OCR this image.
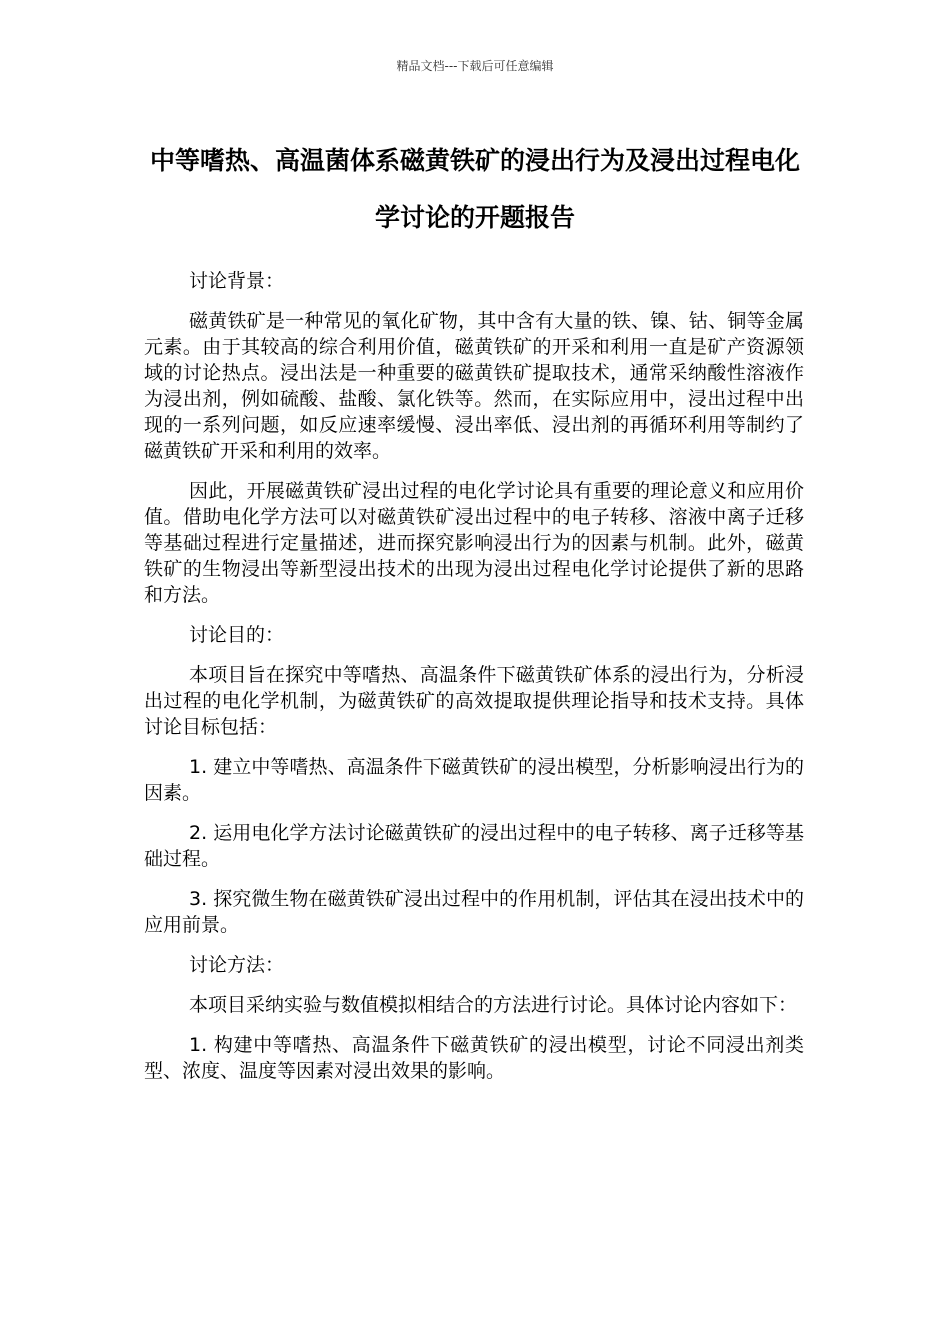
精品文档---下载后可任意编辑
中等嗜热、高温菌体系磁黄铁矿的浸出行为及浸出过程电化学讨论的开题报告

讨论背景：

磁黄铁矿是一种常见的氧化矿物，其中含有大量的铁、镍、钴、铜等金属元素。由于其较高的综合利用价值，磁黄铁矿的开采和利用一直是矿产资源领域的讨论热点。浸出法是一种重要的磁黄铁矿提取技术，通常采纳酸性溶液作为浸出剂，例如硫酸、盐酸、氯化铁等。然而，在实际应用中，浸出过程中出现的一系列问题，如反应速率缓慢、浸出率低、浸出剂的再循环利用等制约了磁黄铁矿开采和利用的效率。

因此，开展磁黄铁矿浸出过程的电化学讨论具有重要的理论意义和应用价值。借助电化学方法可以对磁黄铁矿浸出过程中的电子转移、溶液中离子迁移等基础过程进行定量描述，进而探究影响浸出行为的因素与机制。此外，磁黄铁矿的生物浸出等新型浸出技术的出现为浸出过程电化学讨论提供了新的思路和方法。

讨论目的：

本项目旨在探究中等嗜热、高温条件下磁黄铁矿体系的浸出行为，分析浸出过程的电化学机制，为磁黄铁矿的高效提取提供理论指导和技术支持。具体讨论目标包括：

1. 建立中等嗜热、高温条件下磁黄铁矿的浸出模型，分析影响浸出行为的因素。

2. 运用电化学方法讨论磁黄铁矿的浸出过程中的电子转移、离子迁移等基础过程。

3. 探究微生物在磁黄铁矿浸出过程中的作用机制，评估其在浸出技术中的应用前景。

讨论方法：

本项目采纳实验与数值模拟相结合的方法进行讨论。具体讨论内容如下：

1. 构建中等嗜热、高温条件下磁黄铁矿的浸出模型，讨论不同浸出剂类型、浓度、温度等因素对浸出效果的影响。
